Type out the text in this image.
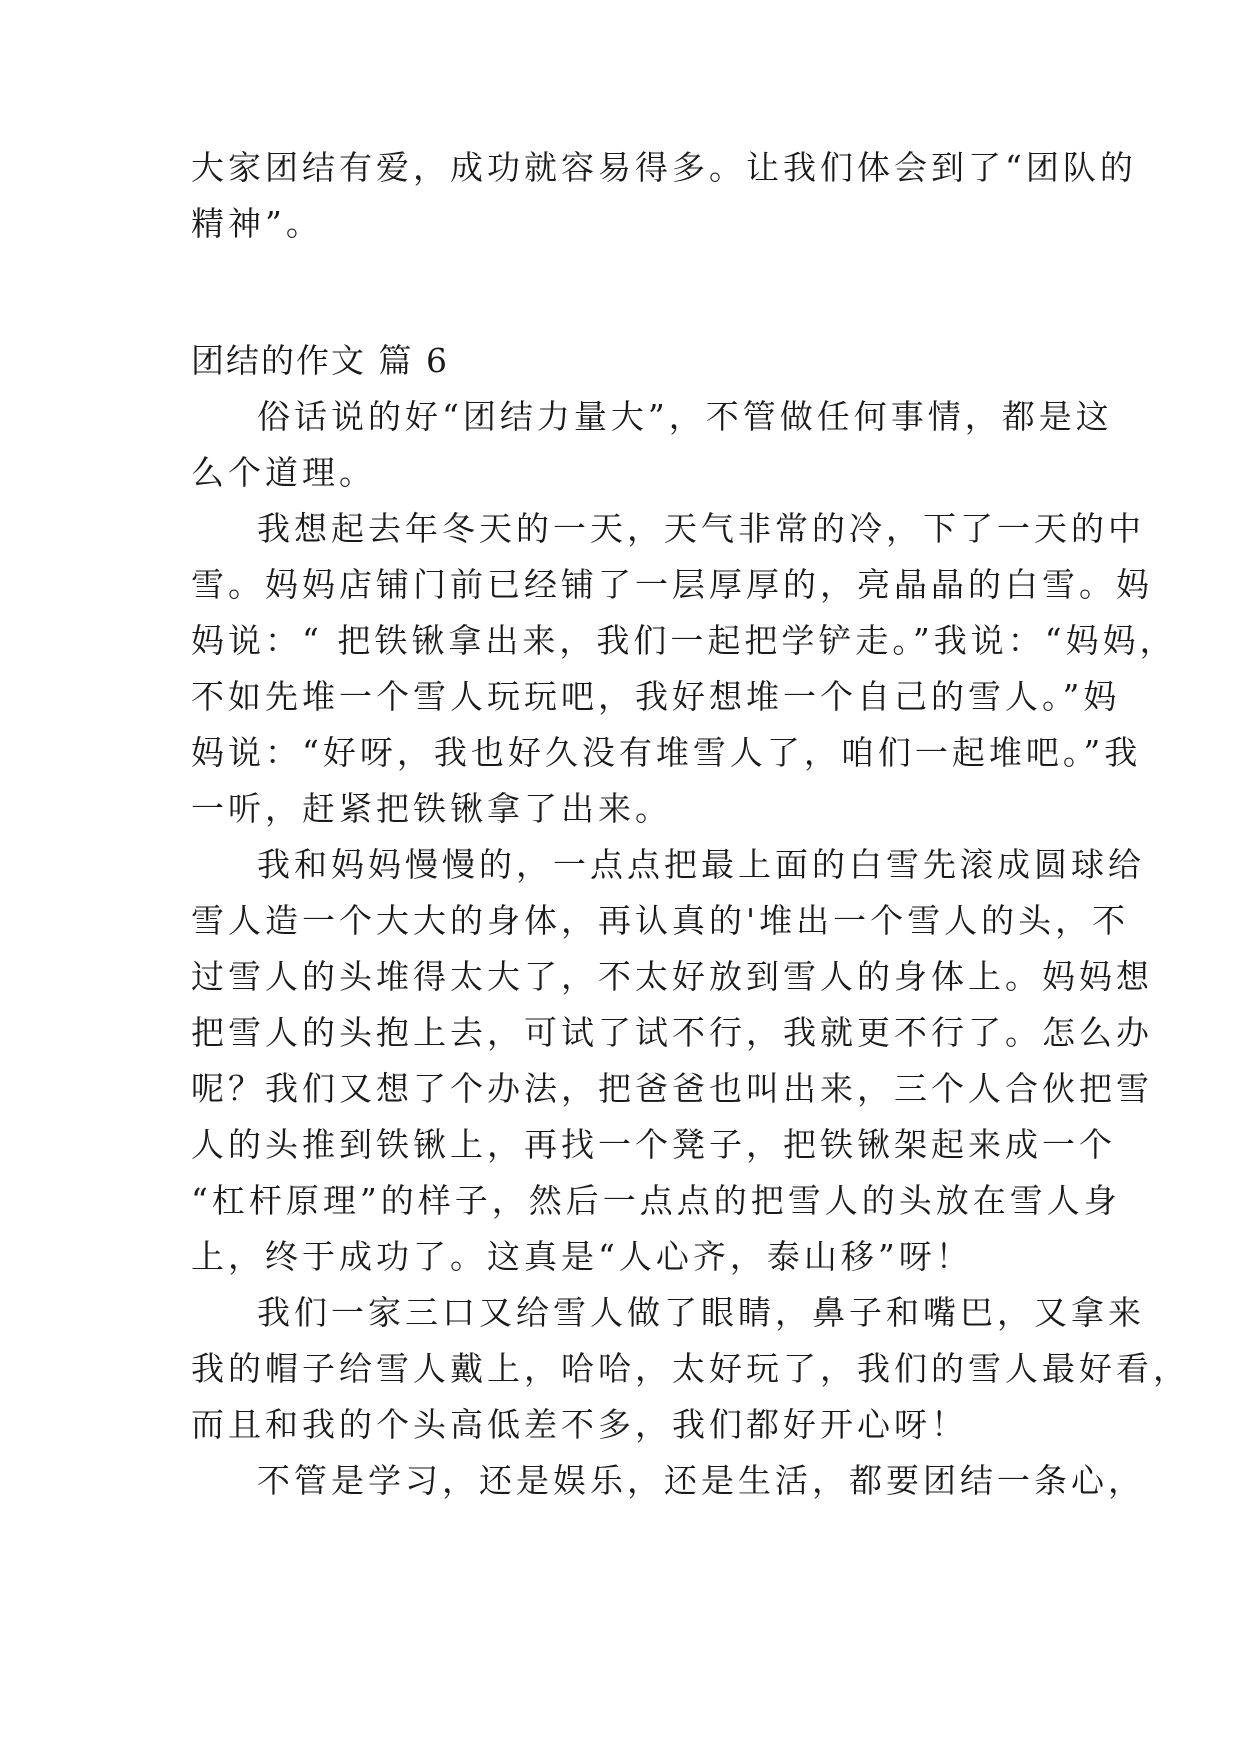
大家团结有爱，成功就容易得多。让我们体会到了“团队的
精神”。
团结的作文 篇 6
俗话说的好“团结力量大”，不管做任何事情，都是这
么个道理。
我想起去年冬天的一天，天气非常的冷，下了一天的中
雪。妈妈店铺门前已经铺了一层厚厚的，亮晶晶的白雪。妈
妈说：“ 把铁锹拿出来，我们一起把学铲走。”我说：“妈妈，
不如先堆一个雪人玩玩吧，我好想堆一个自己的雪人。”妈
妈说：“好呀，我也好久没有堆雪人了，咱们一起堆吧。”我
一听，赶紧把铁锹拿了出来。
我和妈妈慢慢的，一点点把最上面的白雪先滚成圆球给
雪人造一个大大的身体，再认真的'堆出一个雪人的头，不
过雪人的头堆得太大了，不太好放到雪人的身体上。妈妈想
把雪人的头抱上去，可试了试不行，我就更不行了。怎么办
呢？我们又想了个办法，把爸爸也叫出来，三个人合伙把雪
人的头推到铁锹上，再找一个凳子，把铁锹架起来成一个
“杠杆原理”的样子，然后一点点的把雪人的头放在雪人身
上，终于成功了。这真是“人心齐，泰山移”呀！
我们一家三口又给雪人做了眼睛，鼻子和嘴巴，又拿来
我的帽子给雪人戴上，哈哈，太好玩了，我们的雪人最好看，
而且和我的个头高低差不多，我们都好开心呀！
不管是学习，还是娱乐，还是生活，都要团结一条心，
